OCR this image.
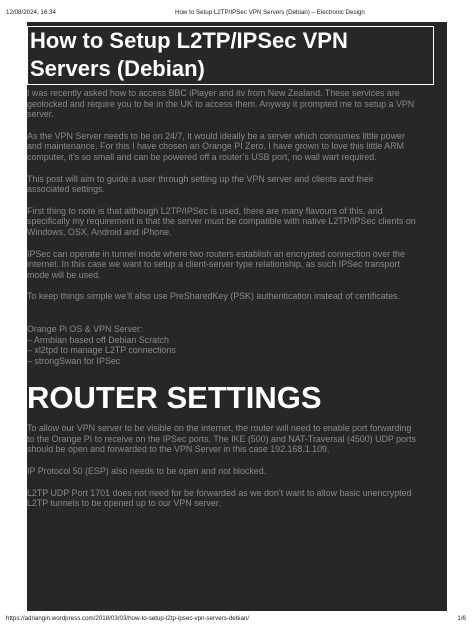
12/08/2024, 16:34	How to Setup L2TP/IPSec VPN Servers (Debian) – Electronic Design
How to Setup L2TP/IPSec VPN
Servers (Debian)

I was recently asked how to access BBC iPlayer and itv from New Zealand. These services are
geolocked and require you to be in the UK to access them. Anyway it prompted me to setup a VPN
server.

As the VPN Server needs to be on 24/7, it would ideally be a server which consumes little power
and maintenance. For this I have chosen an Orange PI Zero. I have grown to love this little ARM
computer, it’s so small and can be powered off a router’s USB port, no wall wart required.

This post will aim to guide a user through setting up the VPN server and clients and their
associated settings.

First thing to note is that although L2TP/IPSec is used, there are many flavours of this, and
specifically my requirement is that the server must be compatible with native L2TP/IPSec clients on
Windows, OSX, Android and iPhone.

IPSec can operate in tunnel mode where two routers establish an encrypted connection over the
internet. In this case we want to setup a client-server type relationship, as such IPSec transport
mode will be used.

To keep things simple we’ll also use PreSharedKey (PSK) authentication instead of certificates.

Orange Pi OS & VPN Server:
– Armbian based off Debian Scratch
– xl2tpd to manage L2TP connections
– strongSwan for IPSec

ROUTER SETTINGS

To allow our VPN server to be visible on the internet, the router will need to enable port forwarding
to the Orange PI to receive on the IPSec ports. The IKE (500) and NAT-Traversal (4500) UDP ports
should be open and forwarded to the VPN Server in this case 192.168.1.109.

IP Protocol 50 (ESP) also needs to be open and not blocked.

L2TP UDP Port 1701 does not need for be forwarded as we don’t want to allow basic unencrypted
L2TP tunnels to be opened up to our VPN server.

https://adriangin.wordpress.com/2018/03/03/how-to-setup-l2tp-ipsec-vpn-servers-debian/	1/6
